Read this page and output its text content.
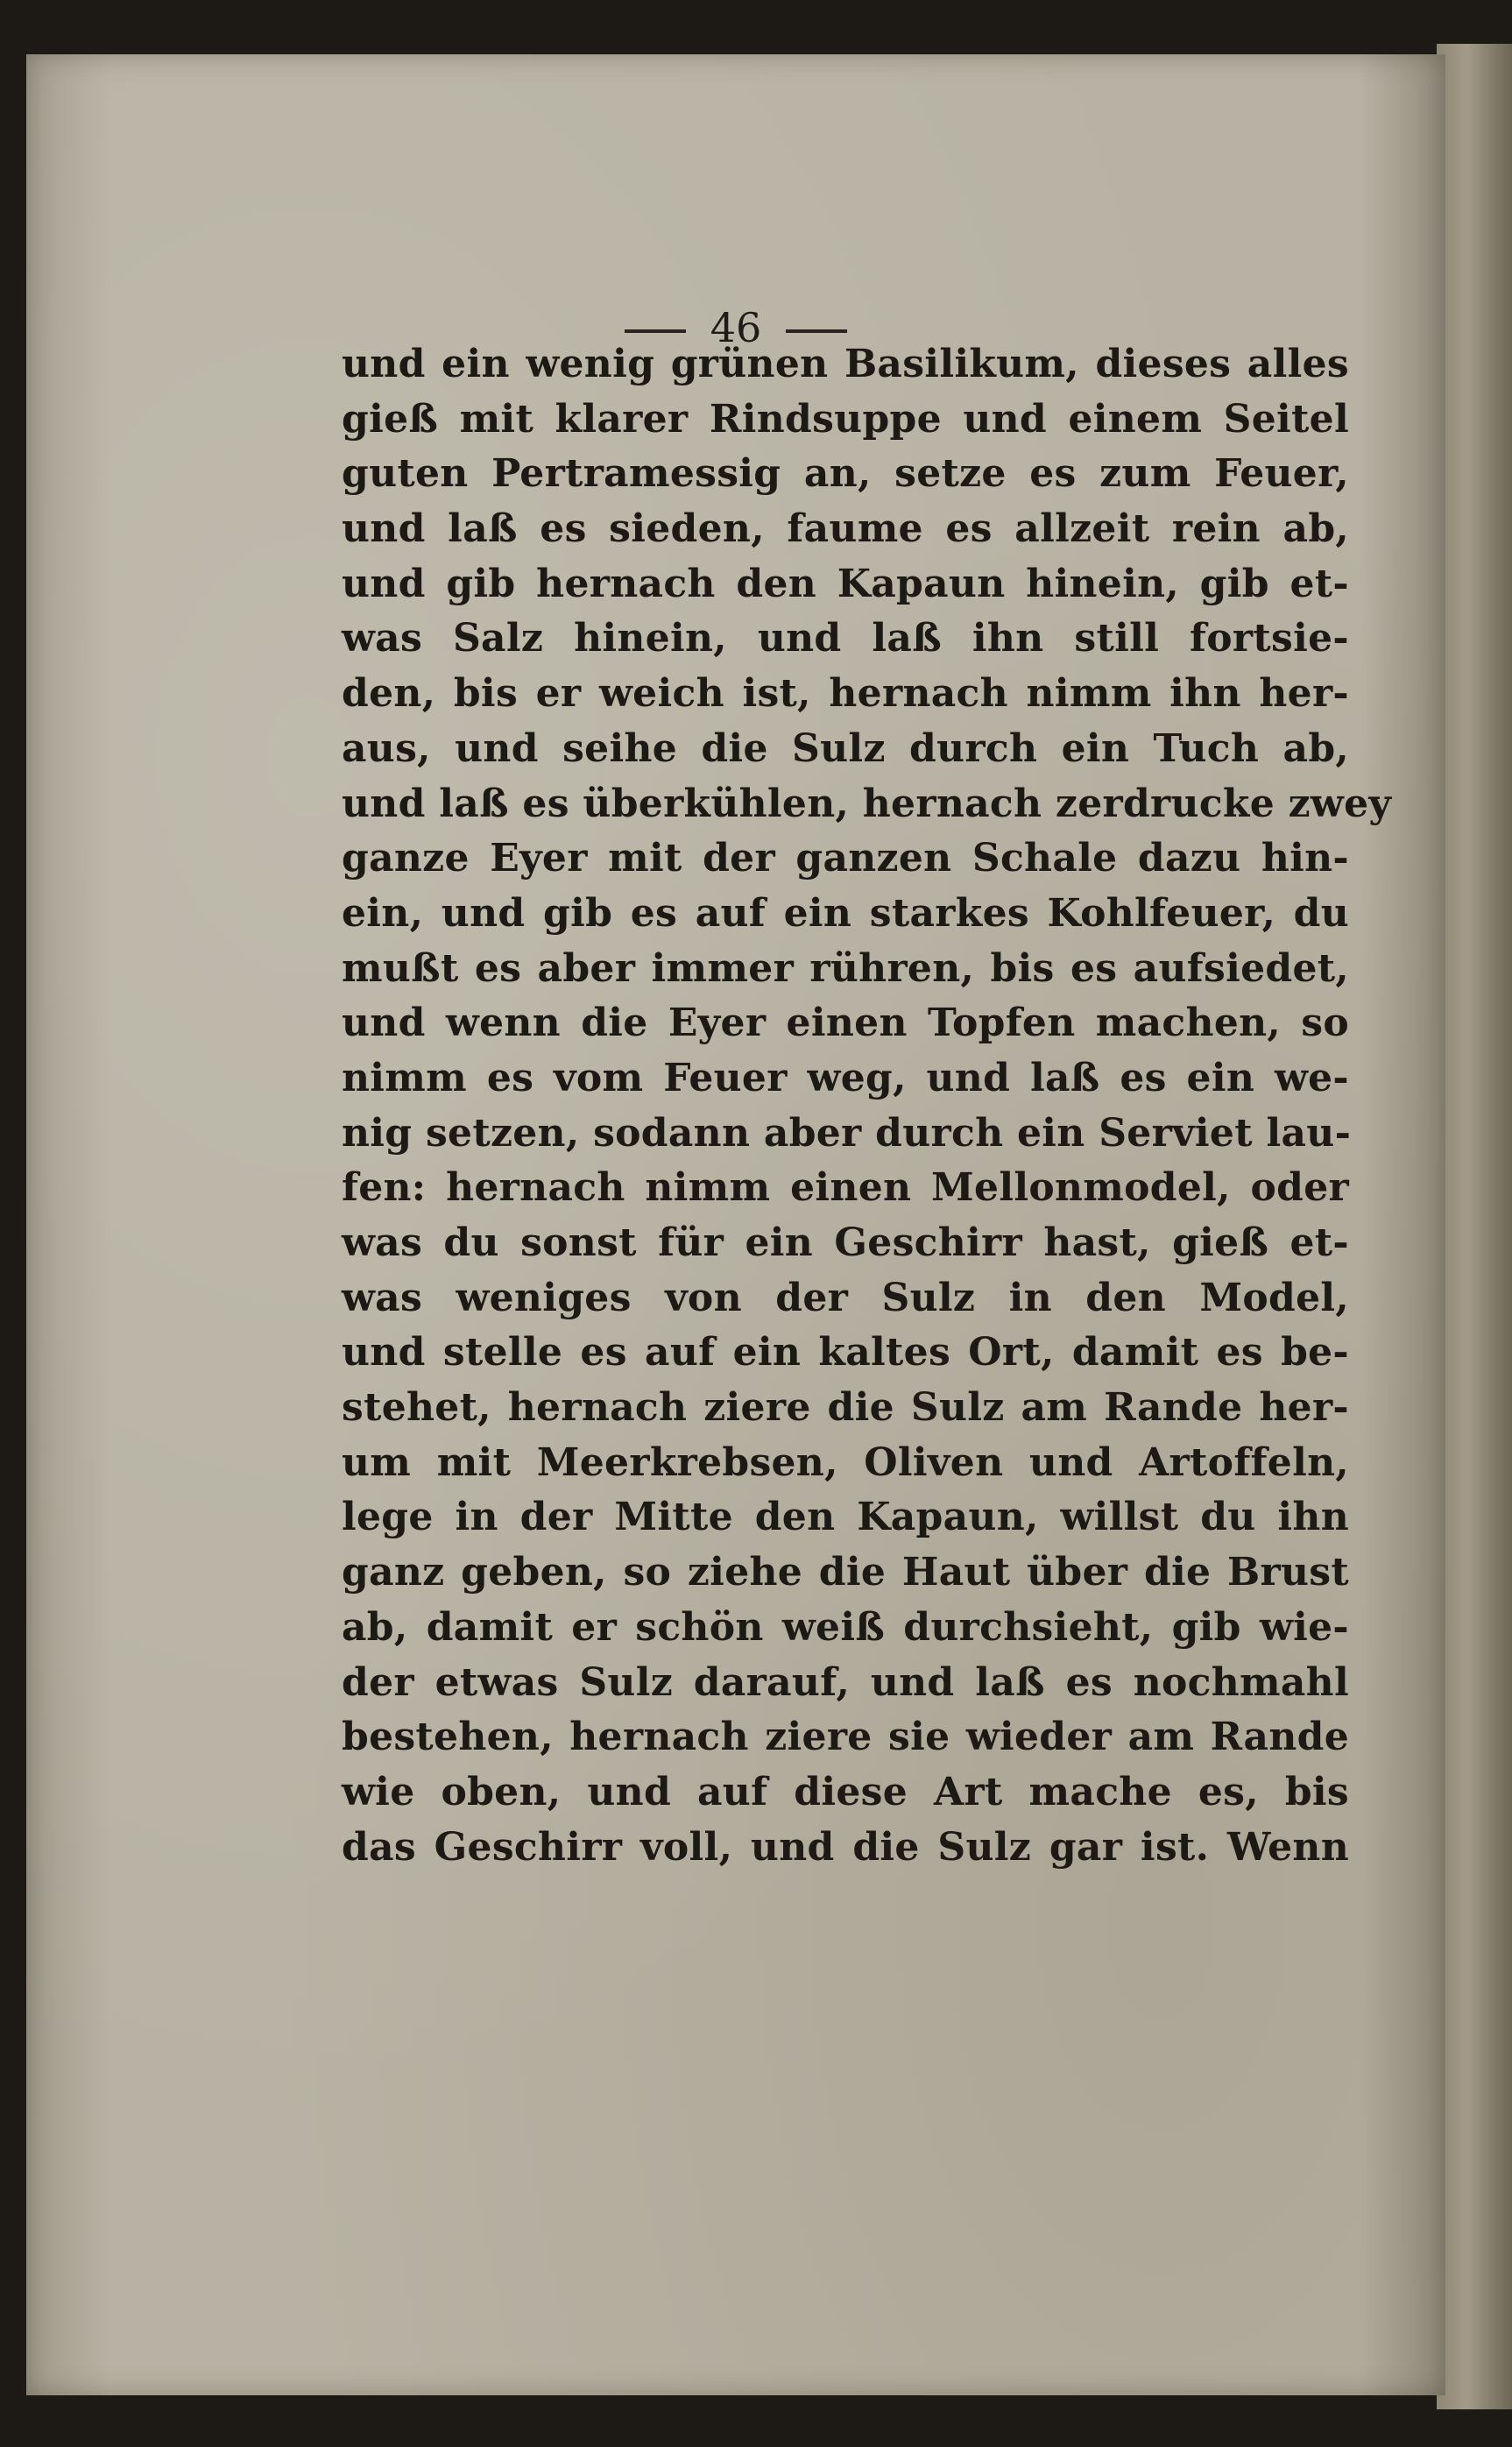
46
und ein wenig grünen Basilikum, dieses alles
gieß mit klarer Rindsuppe und einem Seitel
guten Pertramessig an, setze es zum Feuer,
und laß es sieden, faume es allzeit rein ab,
und gib hernach den Kapaun hinein, gib et-
was Salz hinein, und laß ihn still fortsie-
den, bis er weich ist, hernach nimm ihn her-
aus, und seihe die Sulz durch ein Tuch ab,
und laß es überkühlen, hernach zerdrucke zwey
ganze Eyer mit der ganzen Schale dazu hin-
ein, und gib es auf ein starkes Kohlfeuer, du
mußt es aber immer rühren, bis es aufsiedet,
und wenn die Eyer einen Topfen machen, so
nimm es vom Feuer weg, und laß es ein we-
nig setzen, sodann aber durch ein Serviet lau-
fen: hernach nimm einen Mellonmodel, oder
was du sonst für ein Geschirr hast, gieß et-
was weniges von der Sulz in den Model,
und stelle es auf ein kaltes Ort, damit es be-
stehet, hernach ziere die Sulz am Rande her-
um mit Meerkrebsen, Oliven und Artoffeln,
lege in der Mitte den Kapaun, willst du ihn
ganz geben, so ziehe die Haut über die Brust
ab, damit er schön weiß durchsieht, gib wie-
der etwas Sulz darauf, und laß es nochmahl
bestehen, hernach ziere sie wieder am Rande
wie oben, und auf diese Art mache es, bis
das Geschirr voll, und die Sulz gar ist. Wenn
